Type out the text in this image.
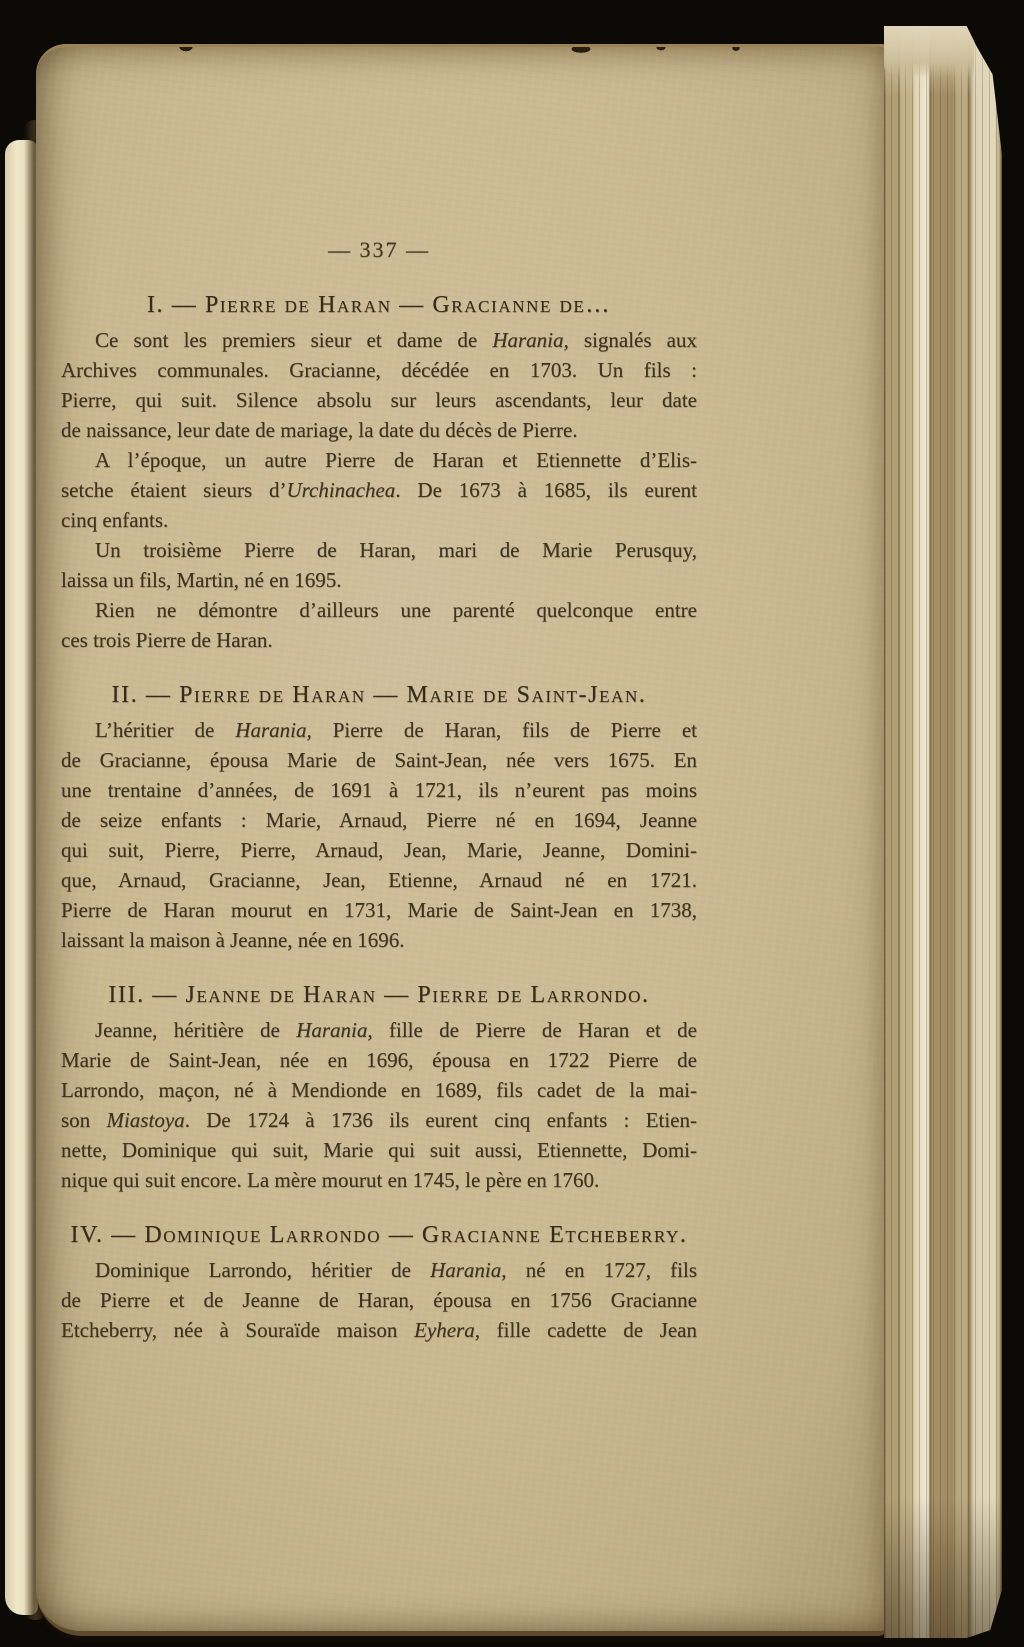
— 337 —
I. — Pierre de Haran — Gracianne de…
Ce sont les premiers sieur et dame de Harania, signalés aux
Archives communales. Gracianne, décédée en 1703. Un fils :
Pierre, qui suit. Silence absolu sur leurs ascendants, leur date
de naissance, leur date de mariage, la date du décès de Pierre.
A l’époque, un autre Pierre de Haran et Etiennette d’Elis-
setche étaient sieurs d’Urchinachea. De 1673 à 1685, ils eurent
cinq enfants.
Un troisième Pierre de Haran, mari de Marie Perusquy,
laissa un fils, Martin, né en 1695.
Rien ne démontre d’ailleurs une parenté quelconque entre
ces trois Pierre de Haran.
II. — Pierre de Haran — Marie de Saint-Jean.
L’héritier de Harania, Pierre de Haran, fils de Pierre et
de Gracianne, épousa Marie de Saint-Jean, née vers 1675. En
une trentaine d’années, de 1691 à 1721, ils n’eurent pas moins
de seize enfants : Marie, Arnaud, Pierre né en 1694, Jeanne
qui suit, Pierre, Pierre, Arnaud, Jean, Marie, Jeanne, Domini-
que, Arnaud, Gracianne, Jean, Etienne, Arnaud né en 1721.
Pierre de Haran mourut en 1731, Marie de Saint-Jean en 1738,
laissant la maison à Jeanne, née en 1696.
III. — Jeanne de Haran — Pierre de Larrondo.
Jeanne, héritière de Harania, fille de Pierre de Haran et de
Marie de Saint-Jean, née en 1696, épousa en 1722 Pierre de
Larrondo, maçon, né à Mendionde en 1689, fils cadet de la mai-
son Miastoya. De 1724 à 1736 ils eurent cinq enfants : Etien-
nette, Dominique qui suit, Marie qui suit aussi, Etiennette, Domi-
nique qui suit encore. La mère mourut en 1745, le père en 1760.
IV. — Dominique Larrondo — Gracianne Etcheberry.
Dominique Larrondo, héritier de Harania, né en 1727, fils
de Pierre et de Jeanne de Haran, épousa en 1756 Gracianne
Etcheberry, née à Souraïde maison Eyhera, fille cadette de Jean
